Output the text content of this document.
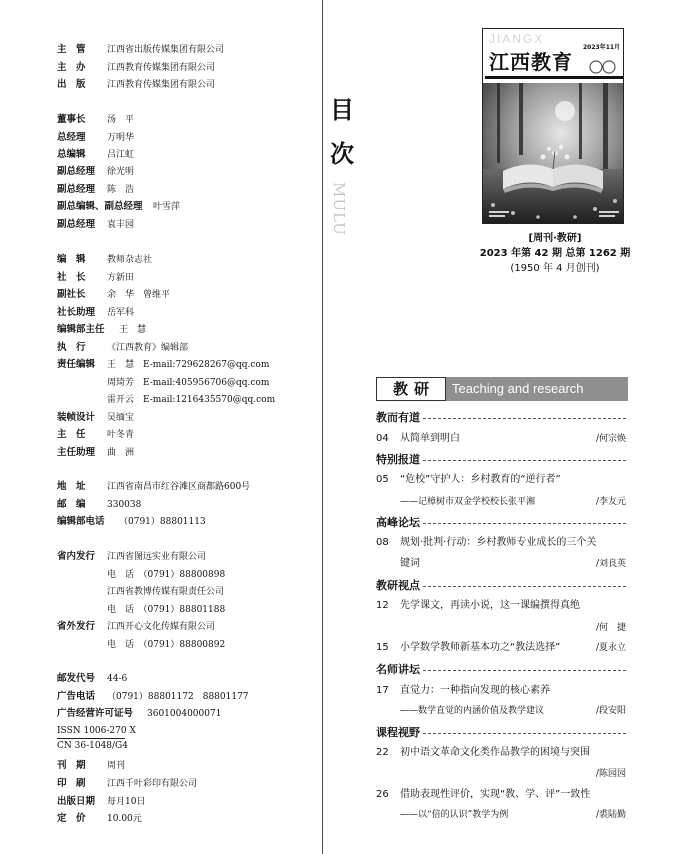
主　管	江西省出版传媒集团有限公司
主　办	江西教育传媒集团有限公司
出　版	江西教育传媒集团有限公司
董事长	汤　平
总经理	万明华
总编辑	吕江虹
副总经理	徐光明
副总经理	陈　浩
副总编辑、副总经理	叶雪萍
副总经理	袁丰园
编　辑	教师杂志社
社　长	方新田
副社长	余　华　曾维平
社长助理	岳军科
编辑部主任	王　慧
执　行	《江西教育》编辑部
责任编辑	王　慧　E-mail:729628267@qq.com
周琦芳　E-mail:405956706@qq.com
雷开云　E-mail:1216435570@qq.com
装帧设计	吴缅宝
主　任	叶冬青
主任助理	曲　洲
地　址	江西省南昌市红谷滩区商都路600号
邮　编	330038
编辑部电话	（0791）88801113
省内发行	江西省图远实业有限公司
电　话　（0791）88800898
江西省教博传媒有限责任公司
电　话　（0791）88801188
省外发行	江西开心文化传媒有限公司
电　话　（0791）88800892
邮发代号	44-6
广告电话	（0791）88801172　88801177
广告经营许可证号	3601004000071
ISSN 1006-270 X
CN 36-1048/G4
刊　期	周刊
印　刷	江西千叶彩印有限公司
出版日期	每月10日
定　价	10.00元
目
次
MULU
JIANGX
江西教育
2023年11月
[周刊·教研]
2023 年第 42 期 总第 1262 期
(1950 年 4 月创刊)
教研	Teaching and research
教而有道
04 从简单到明白	/何宗焕
特别报道
05 “危校”守护人：乡村教育的“逆行者”
——记樟树市双金学校校长张平湘	/李友元
高峰论坛
08 规划·批判·行动：乡村教师专业成长的三个关
键词	/刘良英
教研视点
12 先学课文，再读小说，这一课编撰得真绝
/何　捷
15 小学数学教师新基本功之“教法选择”	/夏永立
名师讲坛
17 直觉力：一种指向发现的核心素养
——数学直觉的内涵价值及教学建议	/段安阳
课程视野
22 初中语文革命文化类作品教学的困境与突围
/陈园园
26 借助表现性评价，实现“教、学、评”一致性
——以“倍的认识”教学为例	/裘陆勤
